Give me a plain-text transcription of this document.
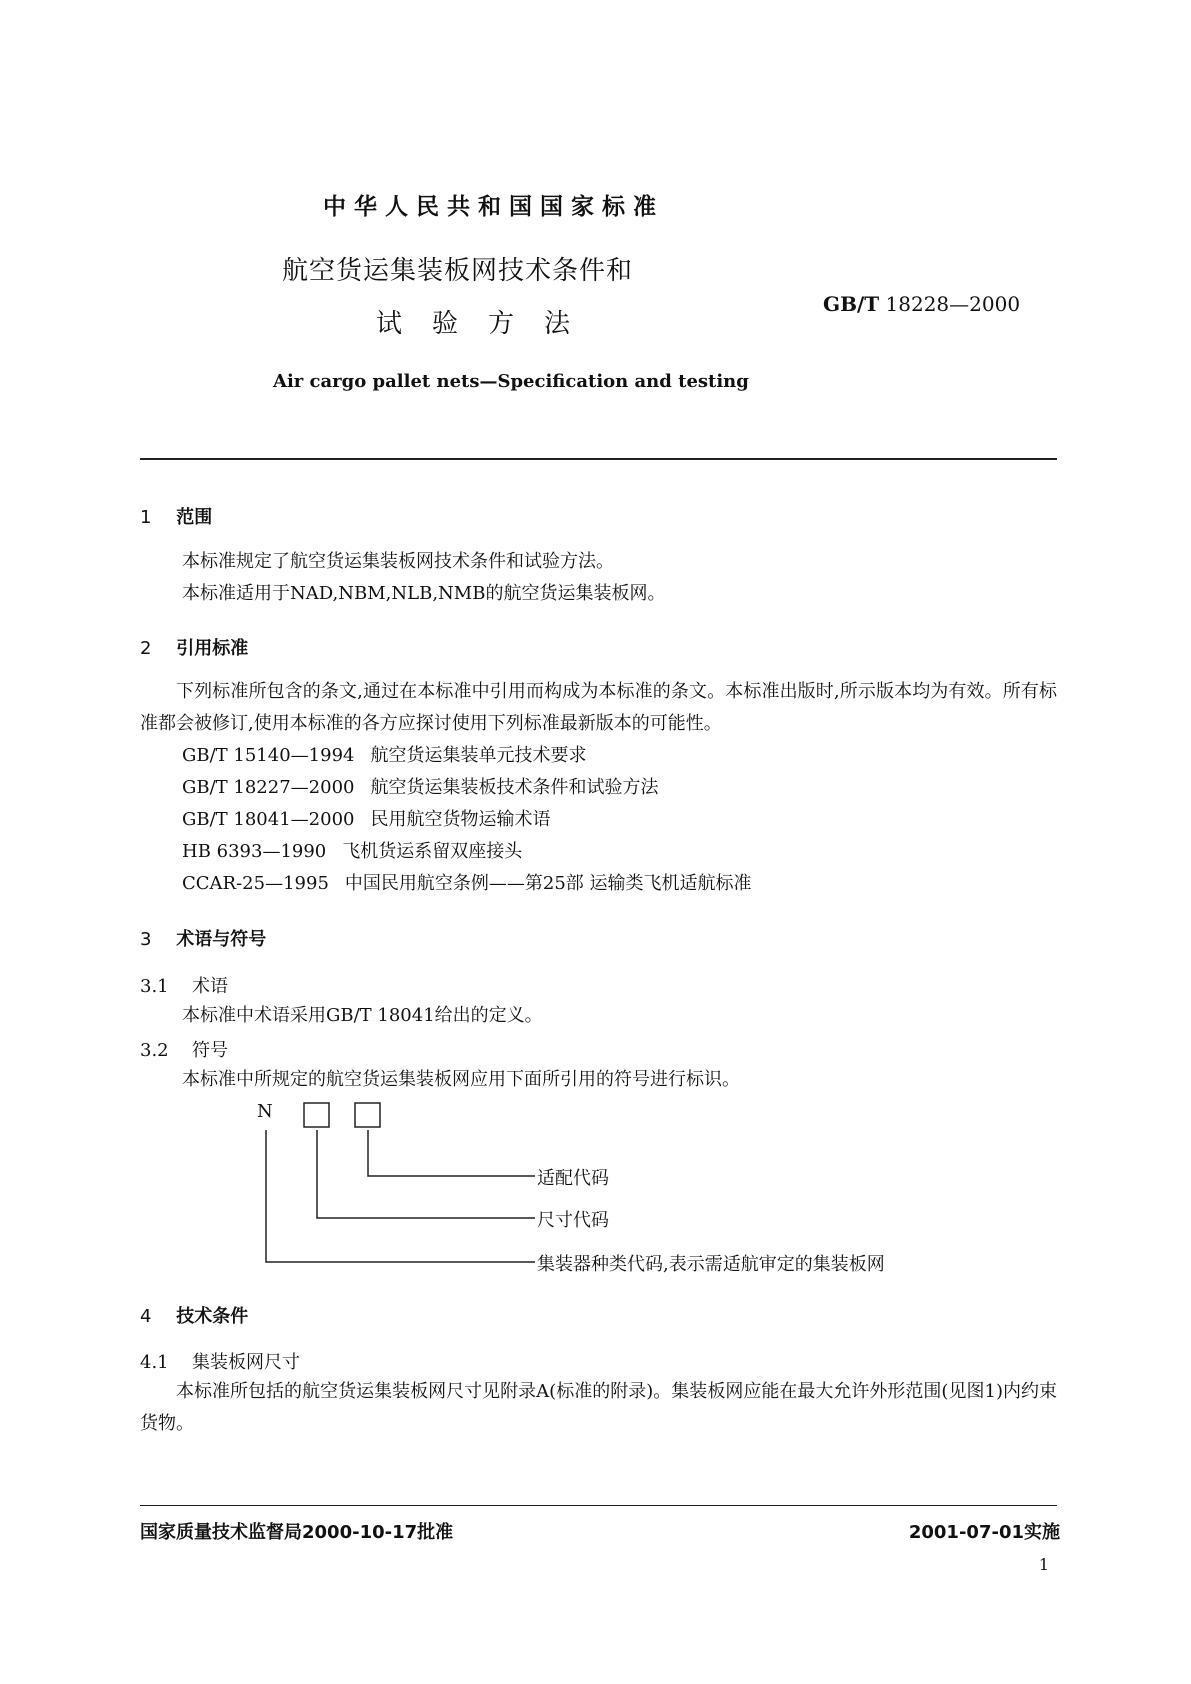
中华人民共和国国家标准
航空货运集装板网技术条件和
试验方法
GB/T 18228—2000
Air cargo pallet nets—Specification and testing
1 范围
本标准规定了航空货运集装板网技术条件和试验方法。
本标准适用于NAD,NBM,NLB,NMB的航空货运集装板网。
2 引用标准
下列标准所包含的条文,通过在本标准中引用而构成为本标准的条文。本标准出版时,所示版本均为有效。所有标准都会被修订,使用本标准的各方应探讨使用下列标准最新版本的可能性。
GB/T 15140—1994 航空货运集装单元技术要求
GB/T 18227—2000 航空货运集装板技术条件和试验方法
GB/T 18041—2000 民用航空货物运输术语
HB 6393—1990 飞机货运系留双座接头
CCAR-25—1995 中国民用航空条例——第25部 运输类飞机适航标准
3 术语与符号
3.1 术语
本标准中术语采用GB/T 18041给出的定义。
3.2 符号
本标准中所规定的航空货运集装板网应用下面所引用的符号进行标识。
N
适配代码
尺寸代码
集装器种类代码,表示需适航审定的集装板网
4 技术条件
4.1 集装板网尺寸
本标准所包括的航空货运集装板网尺寸见附录A(标准的附录)。集装板网应能在最大允许外形范围(见图1)内约束货物。
国家质量技术监督局2000-10-17批准	2001-07-01实施
1
